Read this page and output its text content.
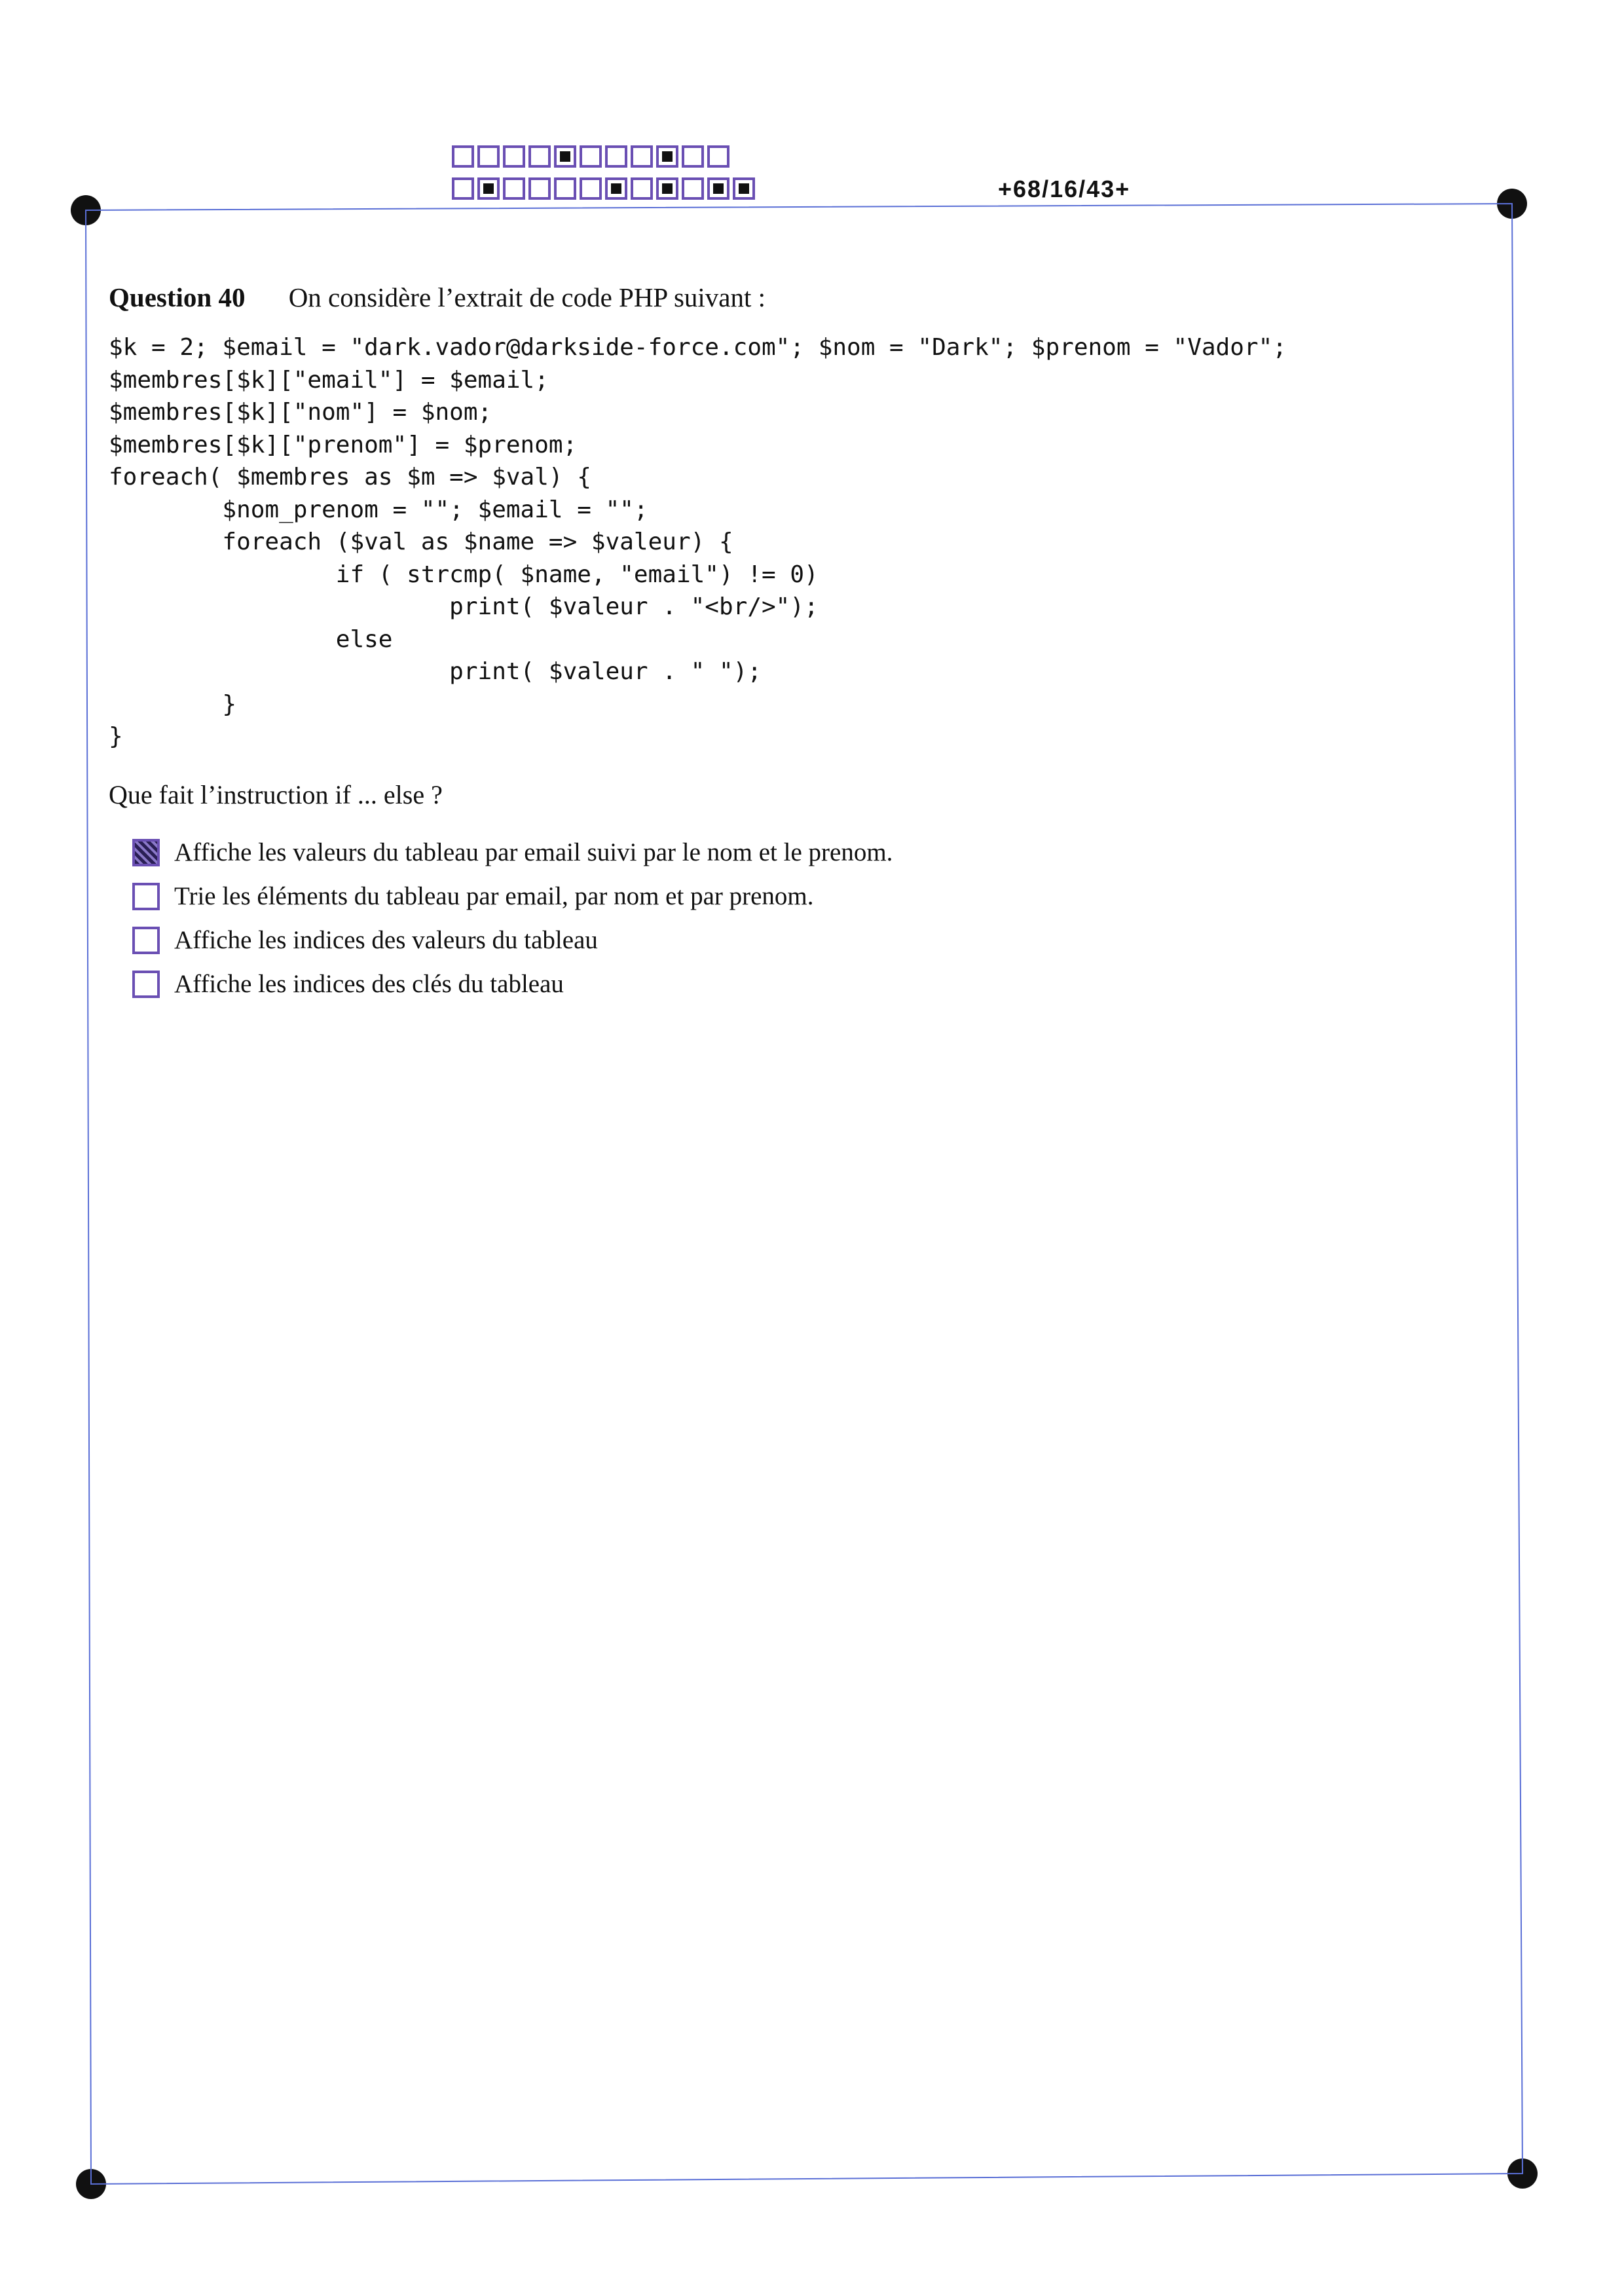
+68/16/43+
Question 40 On considère l’extrait de code PHP suivant :
$k = 2; $email = "dark.vador@darkside-force.com"; $nom = "Dark"; $prenom = "Vador";
$membres[$k]["email"] = $email;
$membres[$k]["nom"] = $nom;
$membres[$k]["prenom"] = $prenom;
foreach( $membres as $m => $val) {
$nom_prenom = ""; $email = "";
foreach ($val as $name => $valeur) {
if ( strcmp( $name, "email") != 0)
print( $valeur . "<br/>");
else
print( $valeur . " ");
}
}
Que fait l’instruction if ... else ?
Affiche les valeurs du tableau par email suivi par le nom et le prenom.
Trie les éléments du tableau par email, par nom et par prenom.
Affiche les indices des valeurs du tableau
Affiche les indices des clés du tableau
